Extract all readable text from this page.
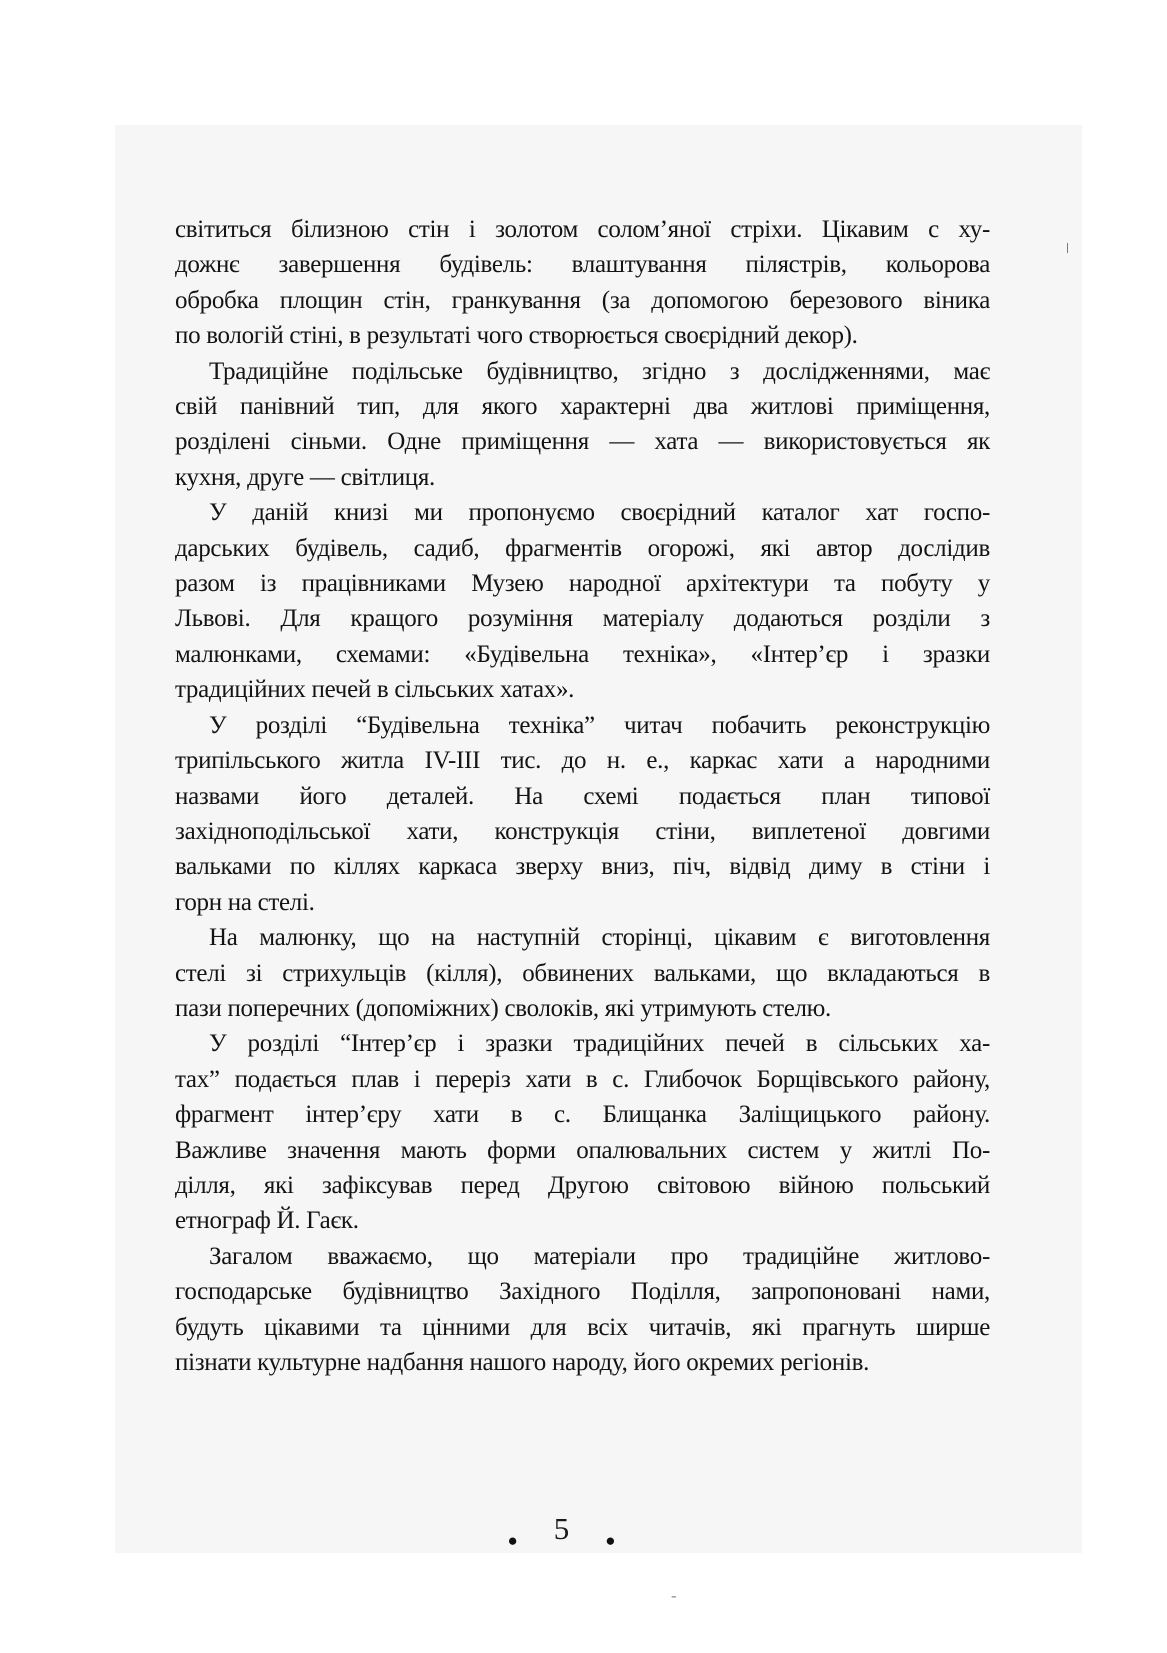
ǀ
-
світиться білизною стін і золотом солом’яної стріхи. Цікавим с ху-
дожнє завершення будівель: влаштування пілястрів, кольорова
обробка площин стін, гранкування (за допомогою березового віника
по вологій стіні, в результаті чого створюється своєрідний декор).
Традиційне подільське будівництво, згідно з дослідженнями, має
свій панівний тип, для якого характерні два житлові приміщення,
розділені сіньми. Одне приміщення — хата — використовується як
кухня, друге — світлиця.
У даній книзі ми пропонуємо своєрідний каталог хат госпо-
дарських будівель, садиб, фрагментів огорожі, які автор дослідив
разом із працівниками Музею народної архітектури та побуту у
Львові. Для кращого розуміння матеріалу додаються розділи з
малюнками, схемами: «Будівельна техніка», «Інтер’єр і зразки
традиційних печей в сільських хатах».
У розділі “Будівельна техніка” читач побачить реконструкцію
трипільського житла IV-III тис. до н. е., каркас хати а народними
назвами його деталей. На схемі подається план типової
західноподільської хати, конструкція стіни, виплетеної довгими
вальками по кіллях каркаса зверху вниз, піч, відвід диму в стіни і
горн на стелі.
На малюнку, що на наступній сторінці, цікавим є виготовлення
стелі зі стрихульців (кілля), обвинених вальками, що вкладаються в
пази поперечних (допоміжних) сволоків, які утримують стелю.
У розділі “Інтер’єр і зразки традиційних печей в сільських ха-
тах” подається плав і переріз хати в с. Глибочок Борщівського району,
фрагмент інтер’єру хати в с. Блищанка Заліщицького району.
Важливе значення мають форми опалювальних систем у житлі По-
ділля, які зафіксував перед Другою світовою війною польський
етнограф Й. Гаєк.
Загалом вважаємо, що матеріали про традиційне житлово-
господарське будівництво Західного Поділля, запропоновані нами,
будуть цікавими та цінними для всіх читачів, які прагнуть ширше
пізнати культурне надбання нашого народу, його окремих регіонів.
● 5 ●
